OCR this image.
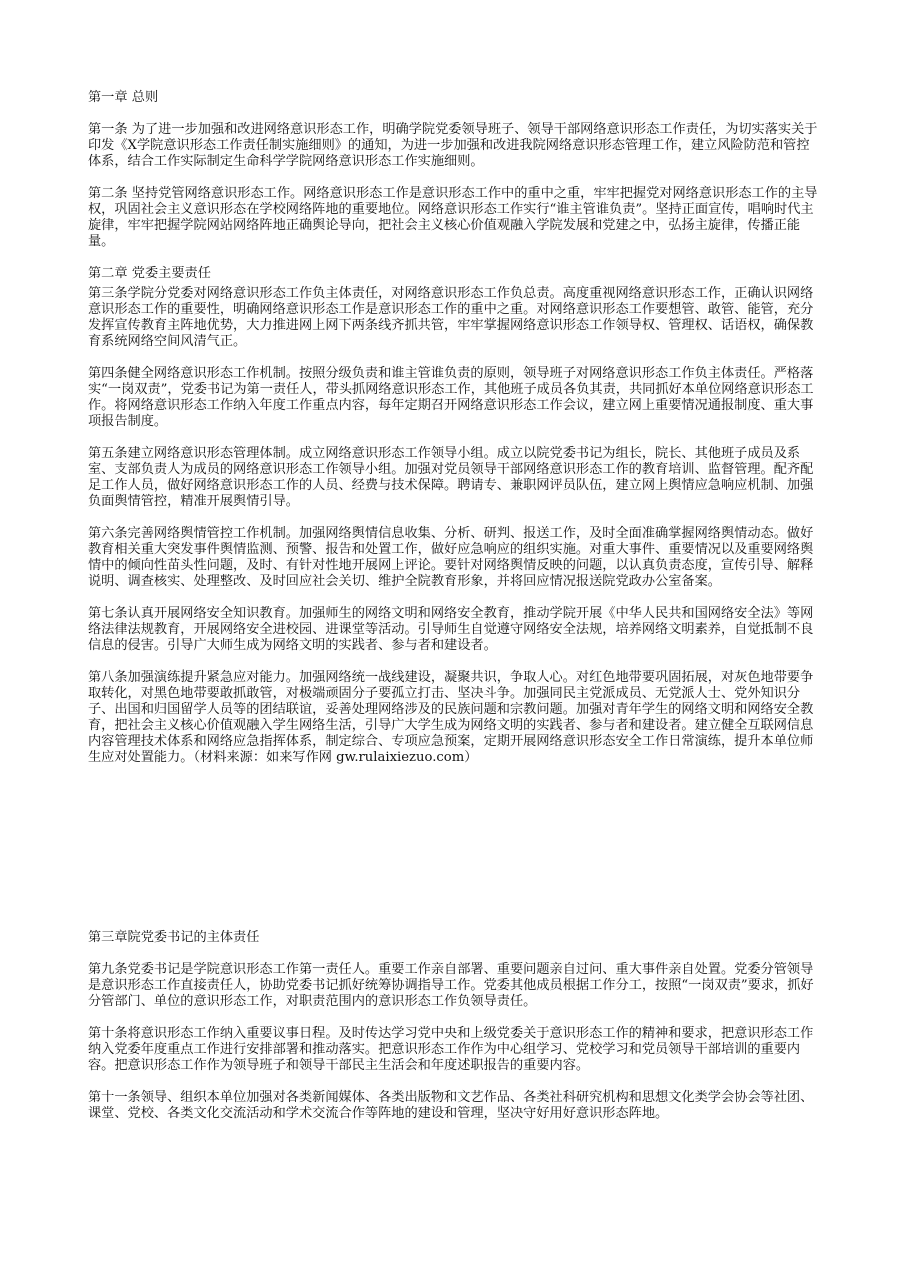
第一章 总则

第一条 为了进一步加强和改进网络意识形态工作，明确学院党委领导班子、领导干部网络意识形态工作责任，为切实落实关于印发《X学院意识形态工作责任制实施细则》的通知，为进一步加强和改进我院网络意识形态管理工作，建立风险防范和管控体系，结合工作实际制定生命科学学院网络意识形态工作实施细则。

第二条 坚持党管网络意识形态工作。网络意识形态工作是意识形态工作中的重中之重，牢牢把握党对网络意识形态工作的主导权，巩固社会主义意识形态在学校网络阵地的重要地位。网络意识形态工作实行“谁主管谁负责”。坚持正面宣传，唱响时代主旋律，牢牢把握学院网站网络阵地正确舆论导向，把社会主义核心价值观融入学院发展和党建之中，弘扬主旋律，传播正能量。

第二章 党委主要责任

第三条学院分党委对网络意识形态工作负主体责任，对网络意识形态工作负总责。高度重视网络意识形态工作，正确认识网络意识形态工作的重要性，明确网络意识形态工作是意识形态工作的重中之重。对网络意识形态工作要想管、敢管、能管，充分发挥宣传教育主阵地优势，大力推进网上网下两条线齐抓共管，牢牢掌握网络意识形态工作领导权、管理权、话语权，确保教育系统网络空间风清气正。

第四条健全网络意识形态工作机制。按照分级负责和谁主管谁负责的原则，领导班子对网络意识形态工作负主体责任。严格落实“一岗双责”，党委书记为第一责任人，带头抓网络意识形态工作，其他班子成员各负其责，共同抓好本单位网络意识形态工作。将网络意识形态工作纳入年度工作重点内容，每年定期召开网络意识形态工作会议，建立网上重要情况通报制度、重大事项报告制度。

第五条建立网络意识形态管理体制。成立网络意识形态工作领导小组。成立以院党委书记为组长，院长、其他班子成员及系室、支部负责人为成员的网络意识形态工作领导小组。加强对党员领导干部网络意识形态工作的教育培训、监督管理。配齐配足工作人员，做好网络意识形态工作的人员、经费与技术保障。聘请专、兼职网评员队伍，建立网上舆情应急响应机制、加强负面舆情管控，精准开展舆情引导。

第六条完善网络舆情管控工作机制。加强网络舆情信息收集、分析、研判、报送工作，及时全面准确掌握网络舆情动态。做好教育相关重大突发事件舆情监测、预警、报告和处置工作，做好应急响应的组织实施。对重大事件、重要情况以及重要网络舆情中的倾向性苗头性问题，及时、有针对性地开展网上评论。要针对网络舆情反映的问题，以认真负责态度，宣传引导、解释说明、调查核实、处理整改、及时回应社会关切、维护全院教育形象，并将回应情况报送院党政办公室备案。

第七条认真开展网络安全知识教育。加强师生的网络文明和网络安全教育，推动学院开展《中华人民共和国网络安全法》等网络法律法规教育，开展网络安全进校园、进课堂等活动。引导师生自觉遵守网络安全法规，培养网络文明素养，自觉抵制不良信息的侵害。引导广大师生成为网络文明的实践者、参与者和建设者。

第八条加强演练提升紧急应对能力。加强网络统一战线建设，凝聚共识，争取人心。对红色地带要巩固拓展，对灰色地带要争取转化，对黑色地带要敢抓敢管，对极端顽固分子要孤立打击、坚决斗争。加强同民主党派成员、无党派人士、党外知识分子、出国和归国留学人员等的团结联谊，妥善处理网络涉及的民族问题和宗教问题。加强对青年学生的网络文明和网络安全教育，把社会主义核心价值观融入学生网络生活，引导广大学生成为网络文明的实践者、参与者和建设者。建立健全互联网信息内容管理技术体系和网络应急指挥体系，制定综合、专项应急预案，定期开展网络意识形态安全工作日常演练，提升本单位师生应对处置能力。（材料来源：如来写作网 gw.rulaixiezuo.com）

第三章院党委书记的主体责任

第九条党委书记是学院意识形态工作第一责任人。重要工作亲自部署、重要问题亲自过问、重大事件亲自处置。党委分管领导是意识形态工作直接责任人，协助党委书记抓好统筹协调指导工作。党委其他成员根据工作分工，按照“一岗双责”要求，抓好分管部门、单位的意识形态工作，对职责范围内的意识形态工作负领导责任。

第十条将意识形态工作纳入重要议事日程。及时传达学习党中央和上级党委关于意识形态工作的精神和要求，把意识形态工作纳入党委年度重点工作进行安排部署和推动落实。把意识形态工作作为中心组学习、党校学习和党员领导干部培训的重要内容。把意识形态工作作为领导班子和领导干部民主生活会和年度述职报告的重要内容。

第十一条领导、组织本单位加强对各类新闻媒体、各类出版物和文艺作品、各类社科研究机构和思想文化类学会协会等社团、课堂、党校、各类文化交流活动和学术交流合作等阵地的建设和管理，坚决守好用好意识形态阵地。
